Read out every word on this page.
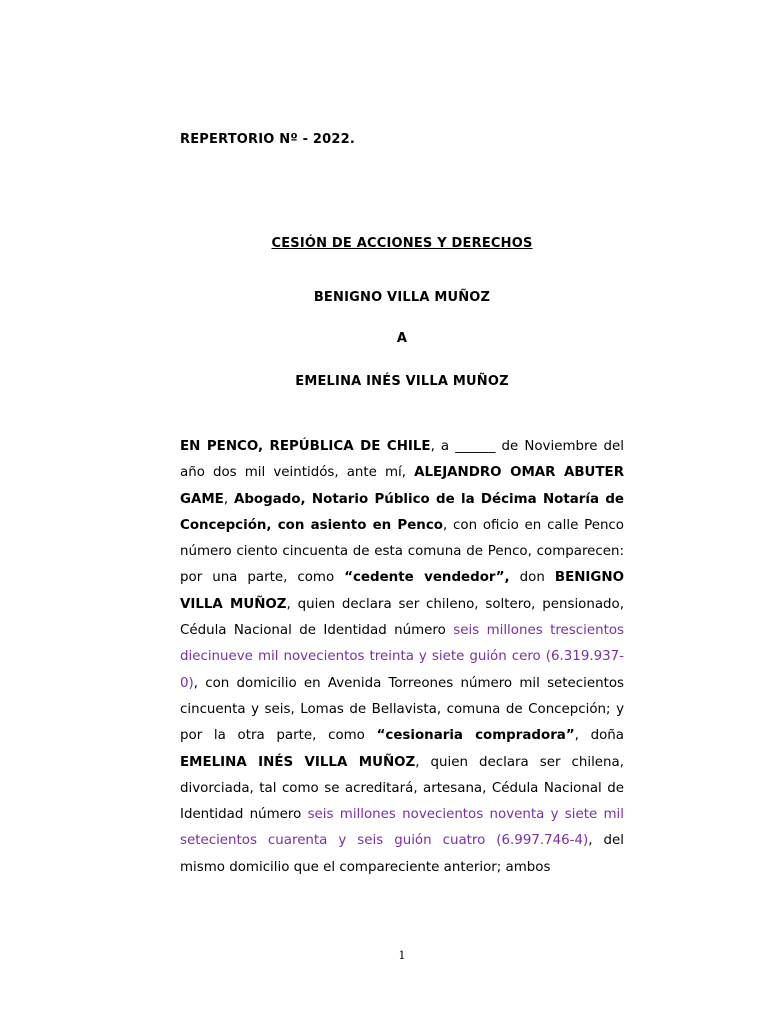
REPERTORIO Nº - 2022.
CESIÓN DE ACCIONES Y DERECHOS
BENIGNO VILLA MUÑOZ
A
EMELINA INÉS VILLA MUÑOZ

EN PENCO, REPÚBLICA DE CHILE, a ______ de Noviembre del año dos mil veintidós, ante mí, ALEJANDRO OMAR ABUTER GAME, Abogado, Notario Público de la Décima Notaría de Concepción, con asiento en Penco, con oficio en calle Penco número ciento cincuenta de esta comuna de Penco, comparecen: por una parte, como “cedente vendedor”, don BENIGNO VILLA MUÑOZ, quien declara ser chileno, soltero, pensionado, Cédula Nacional de Identidad número seis millones trescientos diecinueve mil novecientos treinta y siete guión cero (6.319.937-0), con domicilio en Avenida Torreones número mil setecientos cincuenta y seis, Lomas de Bellavista, comuna de Concepción; y por la otra parte, como “cesionaria compradora”, doña EMELINA INÉS VILLA MUÑOZ, quien declara ser chilena, divorciada, tal como se acreditará, artesana, Cédula Nacional de Identidad número seis millones novecientos noventa y siete mil setecientos cuarenta y seis guión cuatro (6.997.746-4), del mismo domicilio que el compareciente anterior; ambos

1
